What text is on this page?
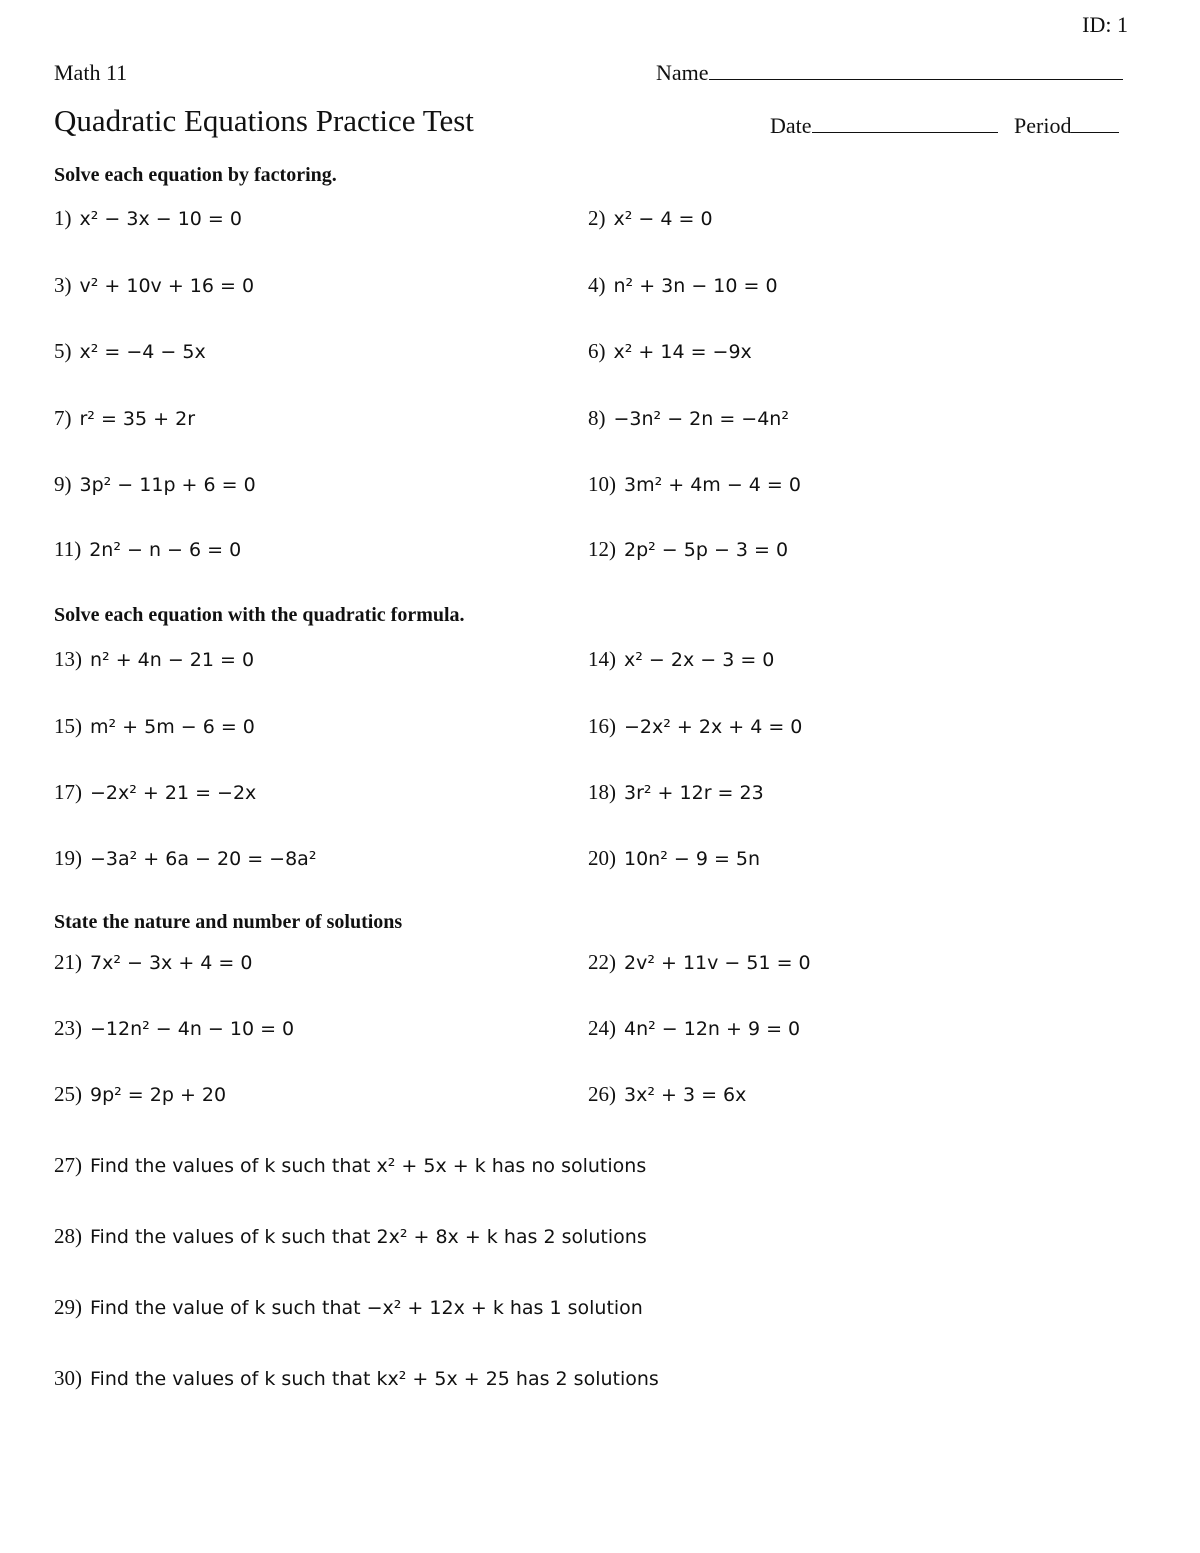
ID: 1
Math 11
Quadratic Equations Practice Test
Name
Date	Period
Solve each equation by factoring.
1) x² − 3x − 10 = 0	2) x² − 4 = 0
3) v² + 10v + 16 = 0	4) n² + 3n − 10 = 0
5) x² = −4 − 5x	6) x² + 14 = −9x
7) r² = 35 + 2r	8) −3n² − 2n = −4n²
9) 3p² − 11p + 6 = 0	10) 3m² + 4m − 4 = 0
11) 2n² − n − 6 = 0	12) 2p² − 5p − 3 = 0
Solve each equation with the quadratic formula.
13) n² + 4n − 21 = 0	14) x² − 2x − 3 = 0
15) m² + 5m − 6 = 0	16) −2x² + 2x + 4 = 0
17) −2x² + 21 = −2x	18) 3r² + 12r = 23
19) −3a² + 6a − 20 = −8a²	20) 10n² − 9 = 5n
State the nature and number of solutions
21) 7x² − 3x + 4 = 0	22) 2v² + 11v − 51 = 0
23) −12n² − 4n − 10 = 0	24) 4n² − 12n + 9 = 0
25) 9p² = 2p + 20	26) 3x² + 3 = 6x
27) Find the values of k such that x² + 5x + k has no solutions
28) Find the values of k such that 2x² + 8x + k has 2 solutions
29) Find the value of k such that −x² + 12x + k has 1 solution
30) Find the values of k such that kx² + 5x + 25 has 2 solutions
